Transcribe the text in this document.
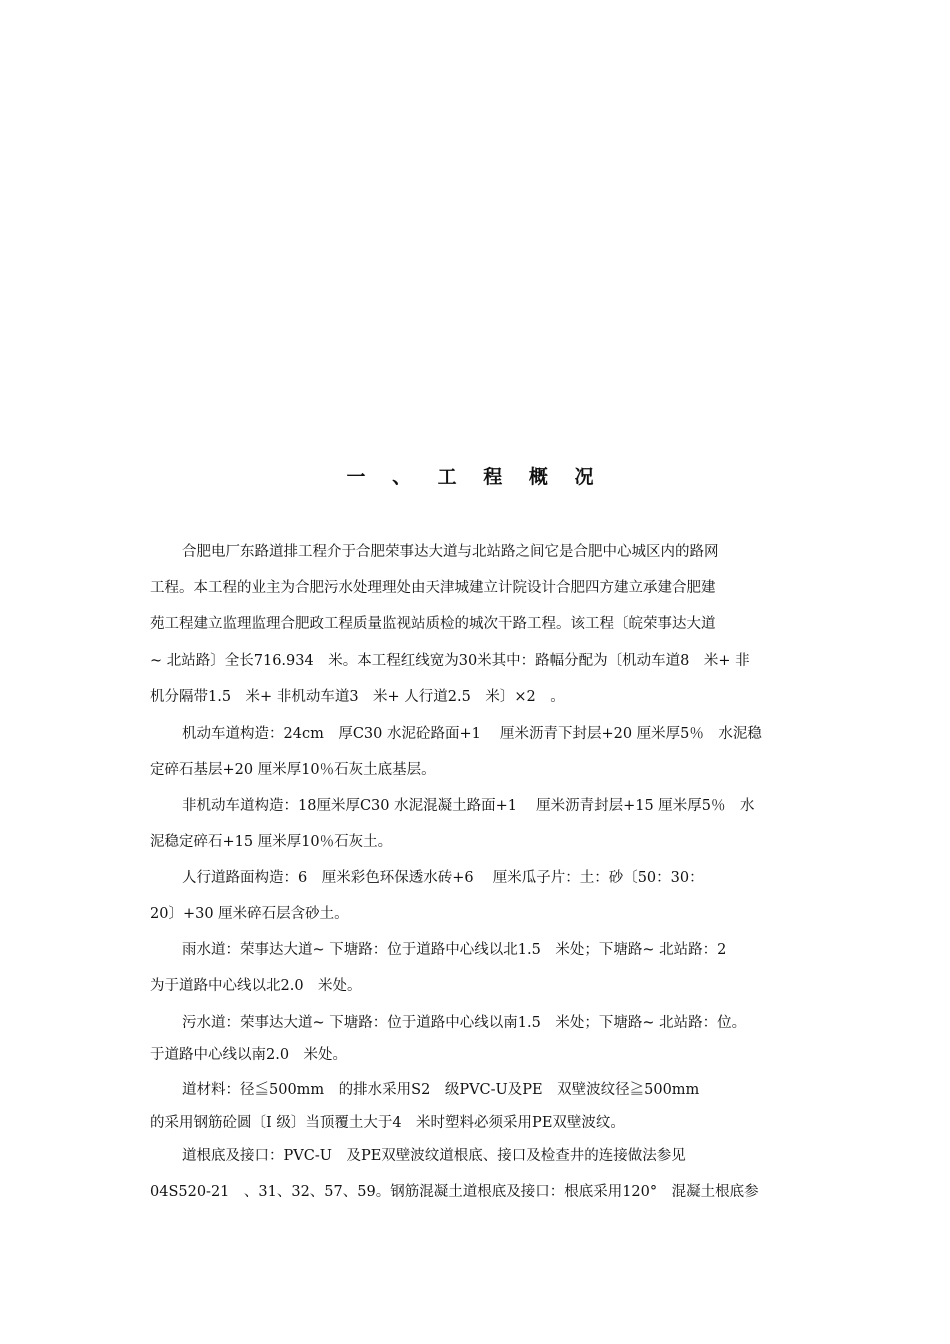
一 、 工 程 概 况
合肥电厂东路道排工程介于合肥荣事达大道与北站路之间它是合肥中心城区内的路网
工程。本工程的业主为合肥污水处理理处由天津城建立计院设计合肥四方建立承建合肥建
苑工程建立监理监理合肥政工程质量监视站质检的城次干路工程。该工程〔皖荣事达大道
~ 北站路〕全长716.934　米。本工程红线宽为30米其中：路幅分配为〔机动车道8　米+ 非
机分隔带1.5　米+ 非机动车道3　米+ 人行道2.5　米〕×2　。
机动车道构造：24cm　厚C30 水泥砼路面+1　 厘米沥青下封层+20 厘米厚5％　水泥稳
定碎石基层+20 厘米厚10％石灰土底基层。
非机动车道构造：18厘米厚C30 水泥混凝土路面+1　 厘米沥青封层+15 厘米厚5％　水
泥稳定碎石+15 厘米厚10％石灰土。
人行道路面构造：6　厘米彩色环保透水砖+6　 厘米瓜子片：土：砂〔50：30：
20〕+30 厘米碎石层含砂土。
雨水道：荣事达大道~ 下塘路：位于道路中心线以北1.5　米处；下塘路~ 北站路：2
为于道路中心线以北2.0　米处。
污水道：荣事达大道~ 下塘路：位于道路中心线以南1.5　米处；下塘路~ 北站路：位。
于道路中心线以南2.0　米处。
道材料：径≦500mm　的排水采用S2　级PVC-U及PE　双壁波纹径≧500mm
的采用钢筋砼圆〔Ⅰ 级〕当顶覆土大于4　米时塑料必须采用PE双壁波纹。
道根底及接口：PVC-U　及PE双壁波纹道根底、接口及检查井的连接做法参见
04S520-21　、31、32、57、59。钢筋混凝土道根底及接口：根底采用120°　混凝土根底参
